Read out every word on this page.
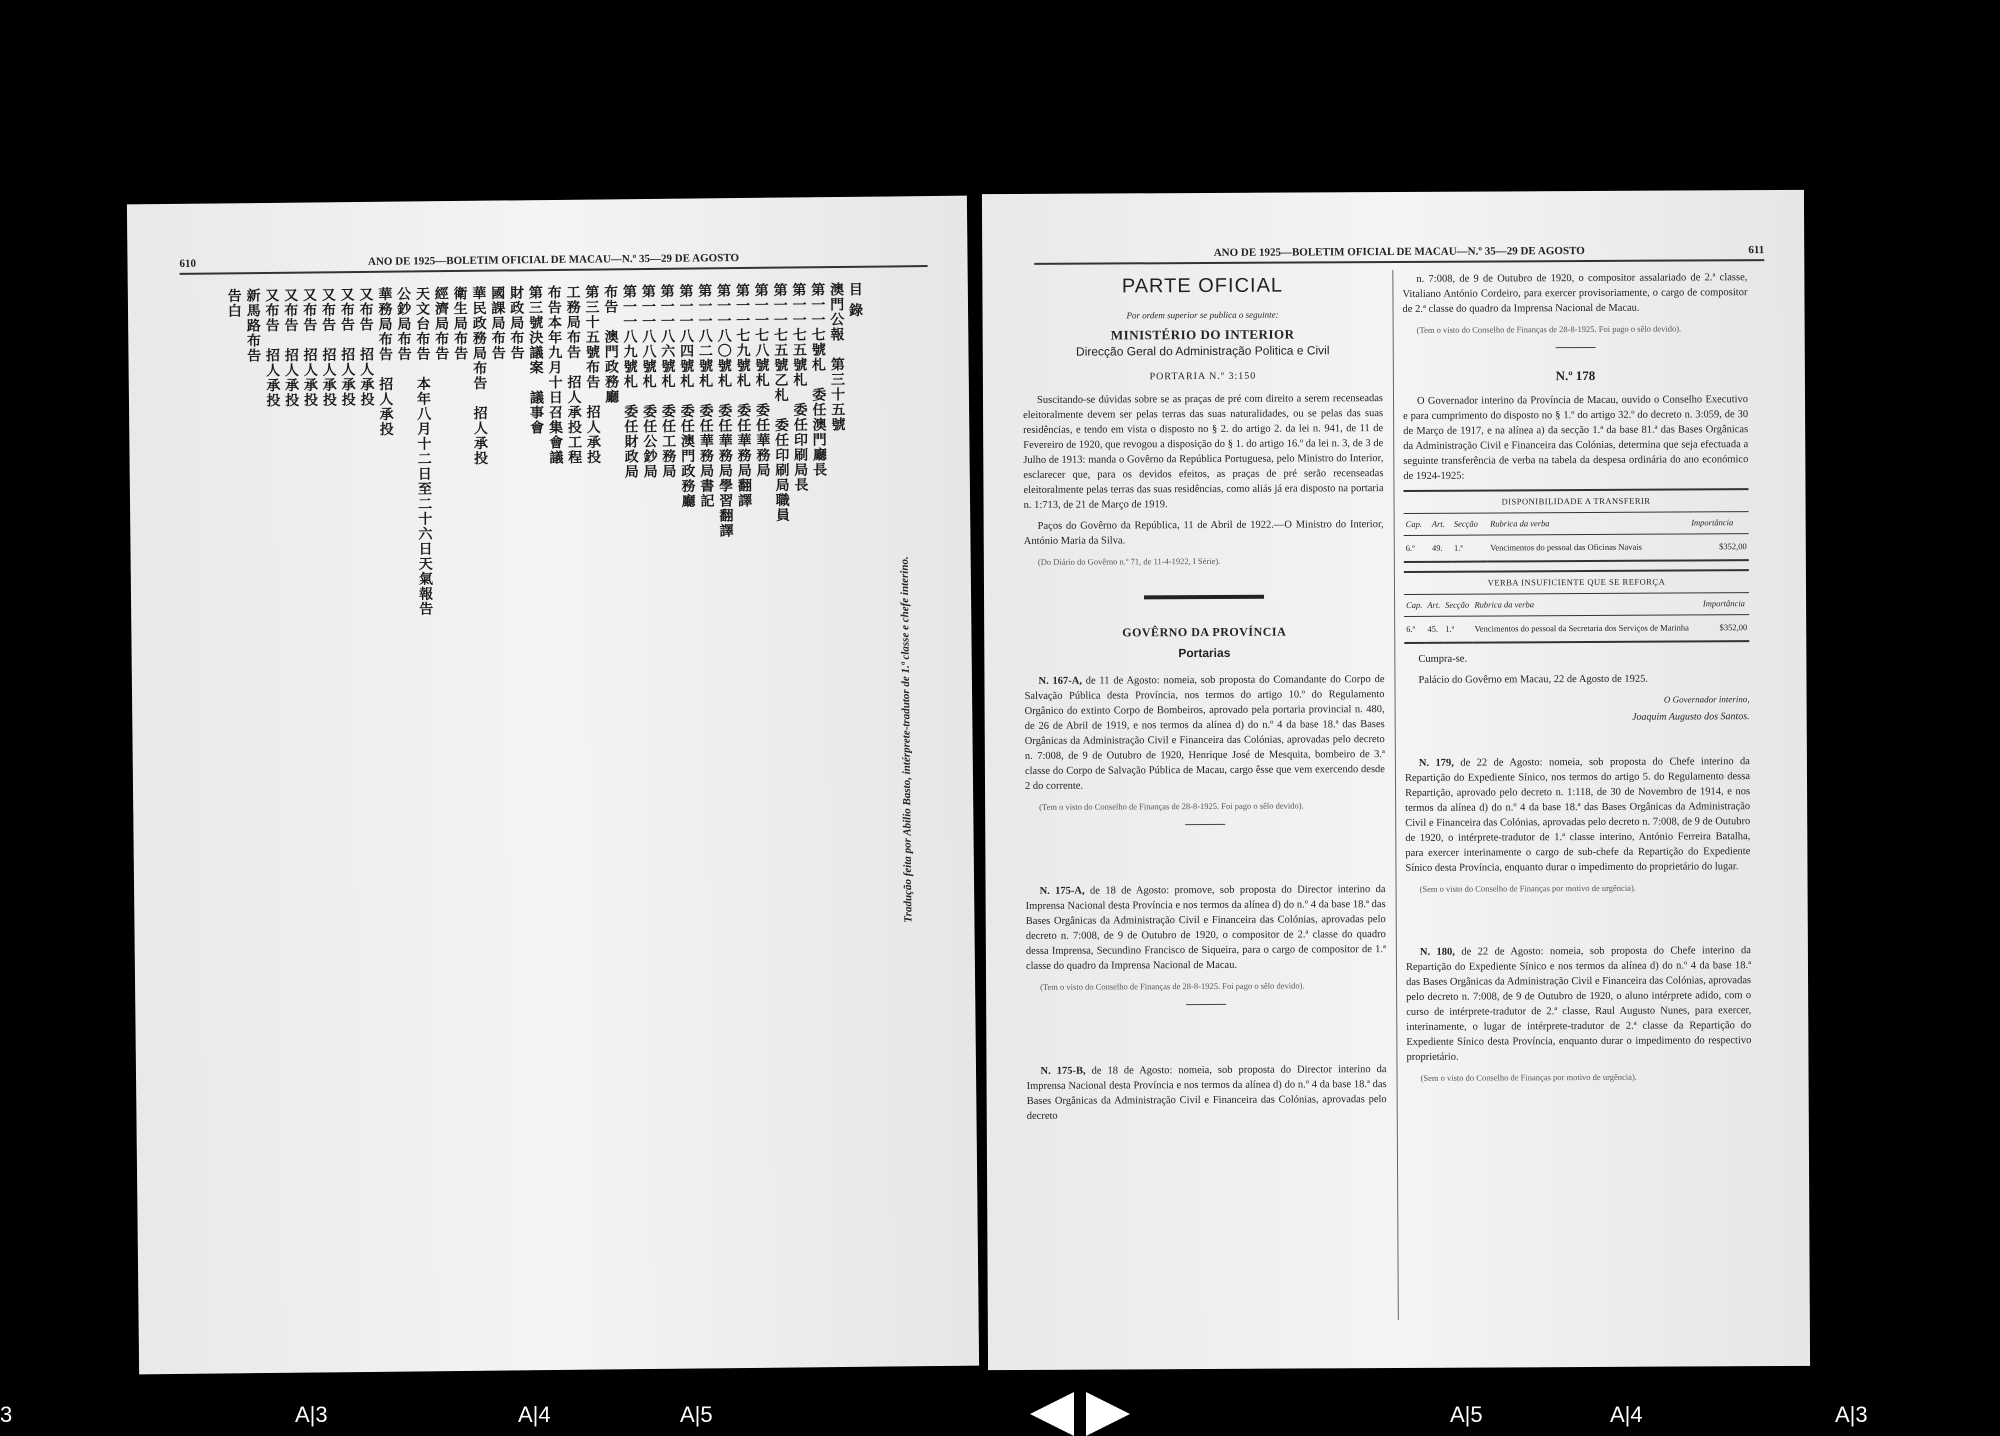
610	ANO DE 1925—BOLETIM OFICIAL DE MACAU—N.º 35—29 DE AGOSTO
目 錄
澳門公報　第三十五號
第一一七號札　委任澳門廳長
第一一七五號札　委任印刷局長
第一一七五號乙札　委任印刷局職員
第一一七八號札　委任華務局
第一一七九號札　委任華務局翻譯
第一一八〇號札　委任華務局學習翻譯
第一一八二號札　委任華務局書記
第一一八四號札　委任澳門政務廳
第一一八六號札　委任工務局
第一一八八號札　委任公鈔局
第一一八九號札　委任財政局
布告　澳門政務廳
第三十五號布告　招人承投
工務局布告　招人承投工程
布告本年九月十日召集會議
第三號決議案　議事會
財政局布告
國課局布告
華民政務局布告　招人承投
衛生局布告
經濟局布告
天文台布告　本年八月十二日至二十六日天氣報告
公鈔局布告
華務局布告　招人承投
又布告　招人承投
又布告　招人承投
又布告　招人承投
又布告　招人承投
又布告　招人承投
又布告　招人承投
新馬路布告
告白
Tradução feita por Abilio Basto, intérprete-tradutor de 1.ª classe e chefe interino.
ANO DE 1925—BOLETIM OFICIAL DE MACAU—N.º 35—29 DE AGOSTO	611
PARTE OFICIAL
Por ordem superior se publica o seguinte:
MINISTÉRIO DO INTERIOR
Direcção Geral do Administração Politica e Civil
PORTARIA N.º 3:150

Suscitando-se dúvidas sobre se as praças de pré com direito a serem recenseadas eleitoralmente devem ser pelas terras das suas naturalidades, ou se pelas das suas residências, e tendo em vista o disposto no § 2. do artigo 2. da lei n. 941, de 11 de Fevereiro de 1920, que revogou a disposição do § 1. do artigo 16.º da lei n. 3, de 3 de Julho de 1913: manda o Govêrno da República Portuguesa, pelo Ministro do Interior, esclarecer que, para os devidos efeitos, as praças de pré serão recenseadas eleitoralmente pelas terras das suas residências, como aliás já era disposto na portaria n. 1:713, de 21 de Março de 1919.

Paços do Govêrno da República, 11 de Abril de 1922.—O Ministro do Interior, António Maria da Silva.

(Do Diário do Govêrno n.º 71, de 11-4-1922, I Série).
GOVÊRNO DA PROVÍNCIA
Portarias

N. 167-A, de 11 de Agosto: nomeia, sob proposta do Comandante do Corpo de Salvação Pública desta Província, nos termos do artigo 10.º do Regulamento Orgânico do extinto Corpo de Bombeiros, aprovado pela portaria provincial n. 480, de 26 de Abril de 1919, e nos termos da alínea d) do n.º 4 da base 18.ª das Bases Orgânicas da Administração Civil e Financeira das Colónias, aprovadas pelo decreto n. 7:008, de 9 de Outubro de 1920, Henrique José de Mesquita, bombeiro de 3.ª classe do Corpo de Salvação Pública de Macau, cargo êsse que vem exercendo desde 2 do corrente.

(Tem o visto do Conselho de Finanças de 28-8-1925. Foi pago o sêlo devido).

N. 175-A, de 18 de Agosto: promove, sob proposta do Director interino da Imprensa Nacional desta Província e nos termos da alínea d) do n.º 4 da base 18.ª das Bases Orgânicas da Administração Civil e Financeira das Colónias, aprovadas pelo decreto n. 7:008, de 9 de Outubro de 1920, o compositor de 2.ª classe do quadro dessa Imprensa, Secundino Francisco de Siqueira, para o cargo de compositor de 1.ª classe do quadro da Imprensa Nacional de Macau.

(Tem o visto do Conselho de Finanças de 28-8-1925. Foi pago o sêlo devido).

N. 175-B, de 18 de Agosto: nomeia, sob proposta do Director interino da Imprensa Nacional desta Província e nos termos da alínea d) do n.º 4 da base 18.ª das Bases Orgânicas da Administração Civil e Financeira das Colónias, aprovadas pelo decreto

n. 7:008, de 9 de Outubro de 1920, o compositor assalariado de 2.ª classe, Vitaliano António Cordeiro, para exercer provisoriamente, o cargo de compositor de 2.ª classe do quadro da Imprensa Nacional de Macau.

(Tem o visto do Conselho de Finanças de 28-8-1925. Foi pago o sêlo devido).
N.º 178

O Governador interino da Província de Macau, ouvido o Conselho Executivo e para cumprimento do disposto no § 1.º do artigo 32.º do decreto n. 3:059, de 30 de Março de 1917, e na alínea a) da secção 1.ª da base 81.ª das Bases Orgânicas da Administração Civil e Financeira das Colónias, determina que seja efectuada a seguinte transferência de verba na tabela da despesa ordinária do ano económico de 1924-1925:

DISPONIBILIDADE A TRANSFERIR
Cap.	Art.	Secção	Rubrica da verba	Importância
6.º	49.	1.ª	Vencimentos do pessoal das Oficinas Navais	$352,00
VERBA INSUFICIENTE QUE SE REFORÇA
Cap.	Art.	Secção	Rubrica da verba	Importância
6.º	45.	1.ª	Vencimentos do pessoal da Secretaria dos Serviços de Marinha	$352,00

Cumpra-se.

Palácio do Govêrno em Macau, 22 de Agosto de 1925.

O Governador interino,
Joaquim Augusto dos Santos.

N. 179, de 22 de Agosto: nomeia, sob proposta do Chefe interino da Repartição do Expediente Sínico, nos termos do artigo 5. do Regulamento dessa Repartição, aprovado pelo decreto n. 1:118, de 30 de Novembro de 1914, e nos termos da alínea d) do n.º 4 da base 18.ª das Bases Orgânicas da Administração Civil e Financeira das Colónias, aprovadas pelo decreto n. 7:008, de 9 de Outubro de 1920, o intérprete-tradutor de 1.ª classe interino, António Ferreira Batalha, para exercer interinamente o cargo de sub-chefe da Repartição do Expediente Sínico desta Província, enquanto durar o impedimento do proprietário do lugar.

(Sem o visto do Conselho de Finanças por motivo de urgência).

N. 180, de 22 de Agosto: nomeia, sob proposta do Chefe interino da Repartição do Expediente Sínico e nos termos da alínea d) do n.º 4 da base 18.ª das Bases Orgânicas da Administração Civil e Financeira das Colónias, aprovadas pelo decreto n. 7:008, de 9 de Outubro de 1920, o aluno intérprete adido, com o curso de intérprete-tradutor de 2.ª classe, Raul Augusto Nunes, para exercer, interinamente, o lugar de intérprete-tradutor de 2.ª classe da Repartição do Expediente Sínico desta Província, enquanto durar o impedimento do respectivo proprietário.

(Sem o visto do Conselho de Finanças por motivo de urgência).
3	A|3	A|4	A|5	A|5	A|4	A|3
